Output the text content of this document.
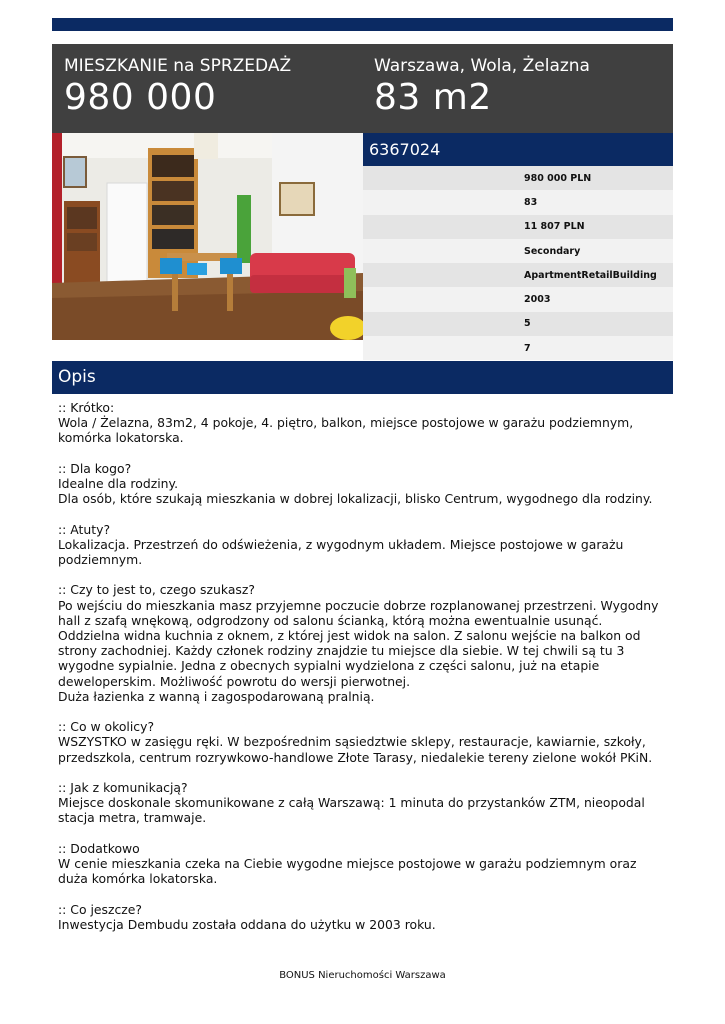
MIESZKANIE na SPRZEDAŻ
980 000
Warszawa, Wola, Żelazna
83 m2
6367024
980 000 PLN
83
11 807 PLN
Secondary
ApartmentRetailBuilding
2003
5
7
Opis

:: Krótko:

Wola / Żelazna, 83m2, 4 pokoje, 4. piętro, balkon, miejsce postojowe w garażu podziemnym, komórka lokatorska.

:: Dla kogo?

Idealne dla rodziny.

Dla osób, które szukają mieszkania w dobrej lokalizacji, blisko Centrum, wygodnego dla rodziny.

:: Atuty?

Lokalizacja. Przestrzeń do odświeżenia, z wygodnym układem. Miejsce postojowe w garażu podziemnym.

:: Czy to jest to, czego szukasz?

Po wejściu do mieszkania masz przyjemne poczucie dobrze rozplanowanej przestrzeni. Wygodny hall z szafą wnękową, odgrodzony od salonu ścianką, którą można ewentualnie usunąć. Oddzielna widna kuchnia z oknem, z której jest widok na salon. Z salonu wejście na balkon od strony zachodniej. Każdy członek rodziny znajdzie tu miejsce dla siebie. W tej chwili są tu 3 wygodne sypialnie. Jedna z obecnych sypialni wydzielona z części salonu, już na etapie deweloperskim. Możliwość powrotu do wersji pierwotnej.

Duża łazienka z wanną i zagospodarowaną pralnią.

:: Co w okolicy?

WSZYSTKO w zasięgu ręki. W bezpośrednim sąsiedztwie sklepy, restauracje, kawiarnie, szkoły, przedszkola, centrum rozrywkowo-handlowe Złote Tarasy, niedalekie tereny zielone wokół PKiN.

:: Jak z komunikacją?

Miejsce doskonale skomunikowane z całą Warszawą: 1 minuta do przystanków ZTM, nieopodal stacja metra, tramwaje.

:: Dodatkowo

W cenie mieszkania czeka na Ciebie wygodne miejsce postojowe w garażu podziemnym oraz duża komórka lokatorska.

:: Co jeszcze?

Inwestycja Dembudu została oddana do użytku w 2003 roku.

BONUS Nieruchomości Warszawa
